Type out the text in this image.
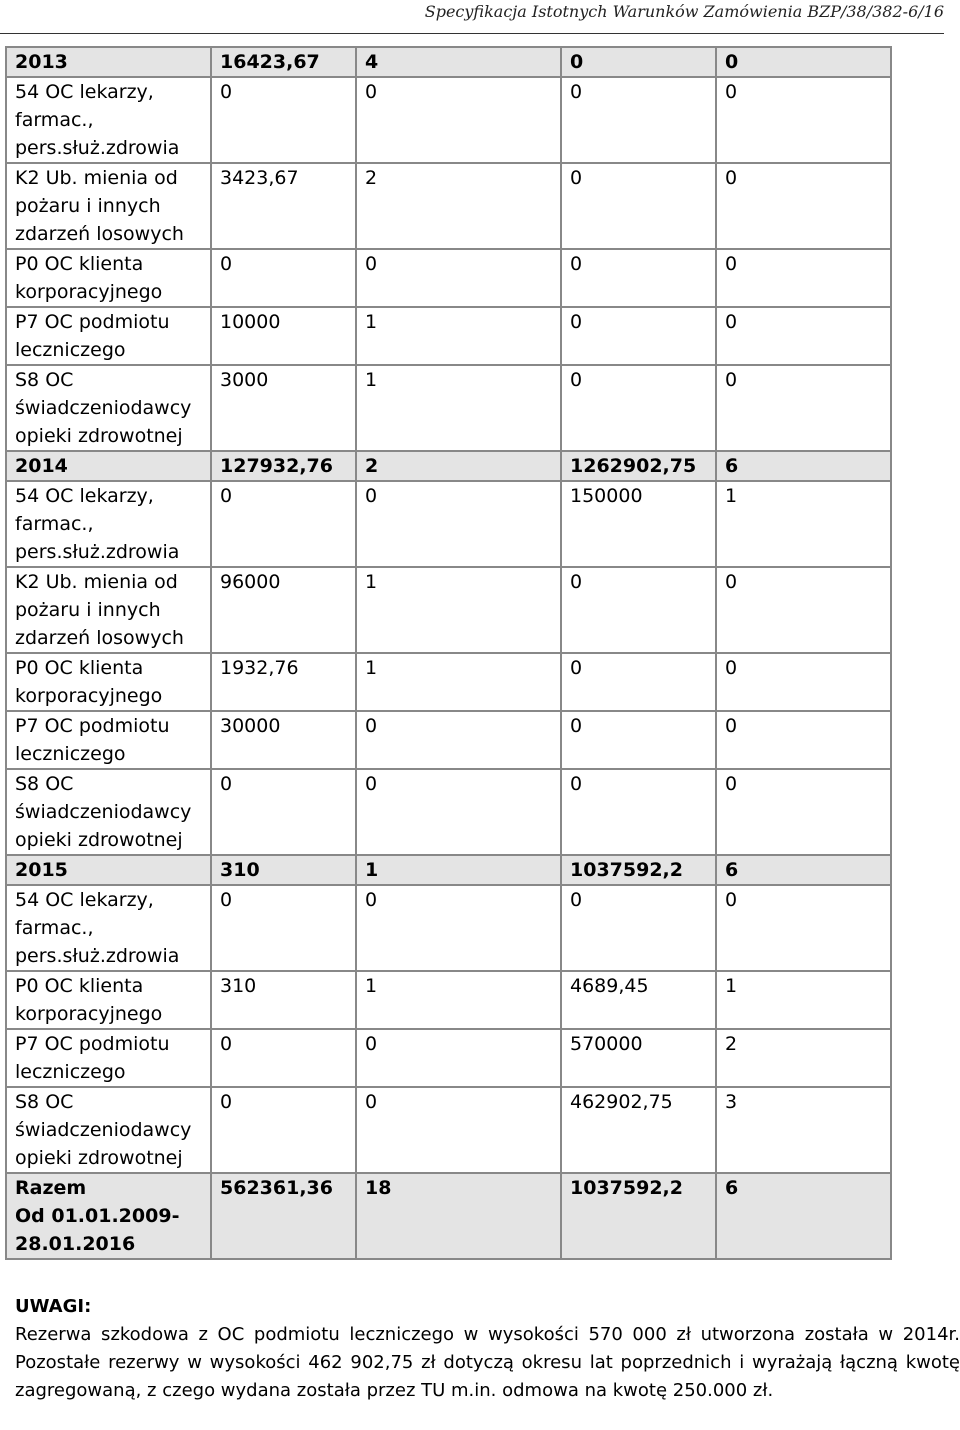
Specyfikacja Istotnych Warunków Zamówienia BZP/38/382-6/16
2013	16423,67	4	0	0
54 OC lekarzy,
farmac.,
pers.służ.zdrowia	0	0	0	0
K2 Ub. mienia od
pożaru i innych
zdarzeń losowych	3423,67	2	0	0
P0 OC klienta
korporacyjnego	0	0	0	0
P7 OC podmiotu
leczniczego	10000	1	0	0
S8 OC
świadczeniodawcy
opieki zdrowotnej	3000	1	0	0
2014	127932,76	2	1262902,75	6
54 OC lekarzy,
farmac.,
pers.służ.zdrowia	0	0	150000	1
K2 Ub. mienia od
pożaru i innych
zdarzeń losowych	96000	1	0	0
P0 OC klienta
korporacyjnego	1932,76	1	0	0
P7 OC podmiotu
leczniczego	30000	0	0	0
S8 OC
świadczeniodawcy
opieki zdrowotnej	0	0	0	0
2015	310	1	1037592,2	6
54 OC lekarzy,
farmac.,
pers.służ.zdrowia	0	0	0	0
P0 OC klienta
korporacyjnego	310	1	4689,45	1
P7 OC podmiotu
leczniczego	0	0	570000	2
S8 OC
świadczeniodawcy
opieki zdrowotnej	0	0	462902,75	3
Razem
Od 01.01.2009-
28.01.2016	562361,36	18	1037592,2	6
UWAGI:
Rezerwa szkodowa z OC podmiotu leczniczego w wysokości 570 000 zł utworzona została w 2014r. Pozostałe rezerwy w wysokości 462 902,75 zł dotyczą okresu lat poprzednich i wyrażają łączną kwotę zagregowaną, z czego wydana została przez TU m.in. odmowa na kwotę 250.000 zł.
